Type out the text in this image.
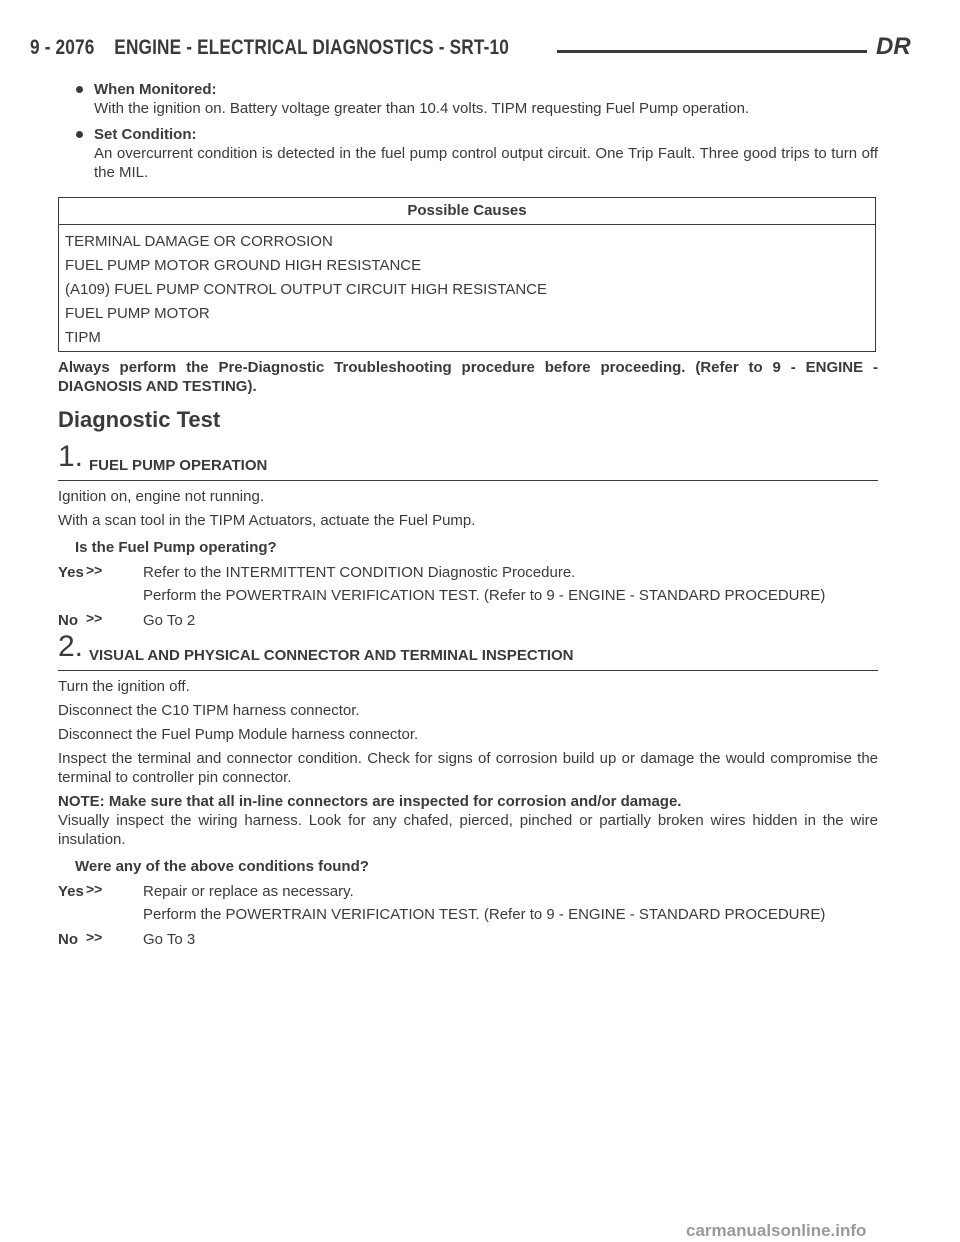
9 - 2076    ENGINE - ELECTRICAL DIAGNOSTICS - SRT-10	DR
When Monitored:
With the ignition on. Battery voltage greater than 10.4 volts. TIPM requesting Fuel Pump operation.
Set Condition:
An overcurrent condition is detected in the fuel pump control output circuit. One Trip Fault. Three good trips to turn off the MIL.
Possible Causes
TERMINAL DAMAGE OR CORROSION
FUEL PUMP MOTOR GROUND HIGH RESISTANCE
(A109) FUEL PUMP CONTROL OUTPUT CIRCUIT HIGH RESISTANCE
FUEL PUMP MOTOR
TIPM
Always perform the Pre-Diagnostic Troubleshooting procedure before proceeding. (Refer to 9 - ENGINE - DIAGNOSIS AND TESTING).
Diagnostic Test
1. FUEL PUMP OPERATION
Ignition on, engine not running.
With a scan tool in the TIPM Actuators, actuate the Fuel Pump.
Is the Fuel Pump operating?
Yes >>	Refer to the INTERMITTENT CONDITION Diagnostic Procedure.
Perform the POWERTRAIN VERIFICATION TEST. (Refer to 9 - ENGINE - STANDARD PROCEDURE)
No >>	Go To 2
2. VISUAL AND PHYSICAL CONNECTOR AND TERMINAL INSPECTION
Turn the ignition off.
Disconnect the C10 TIPM harness connector.
Disconnect the Fuel Pump Module harness connector.
Inspect the terminal and connector condition. Check for signs of corrosion build up or damage the would compromise the terminal to controller pin connector.
NOTE: Make sure that all in-line connectors are inspected for corrosion and/or damage.
Visually inspect the wiring harness. Look for any chafed, pierced, pinched or partially broken wires hidden in the wire insulation.
Were any of the above conditions found?
Yes >>	Repair or replace as necessary.
Perform the POWERTRAIN VERIFICATION TEST. (Refer to 9 - ENGINE - STANDARD PROCEDURE)
No >>	Go To 3
carmanualsonline.info
